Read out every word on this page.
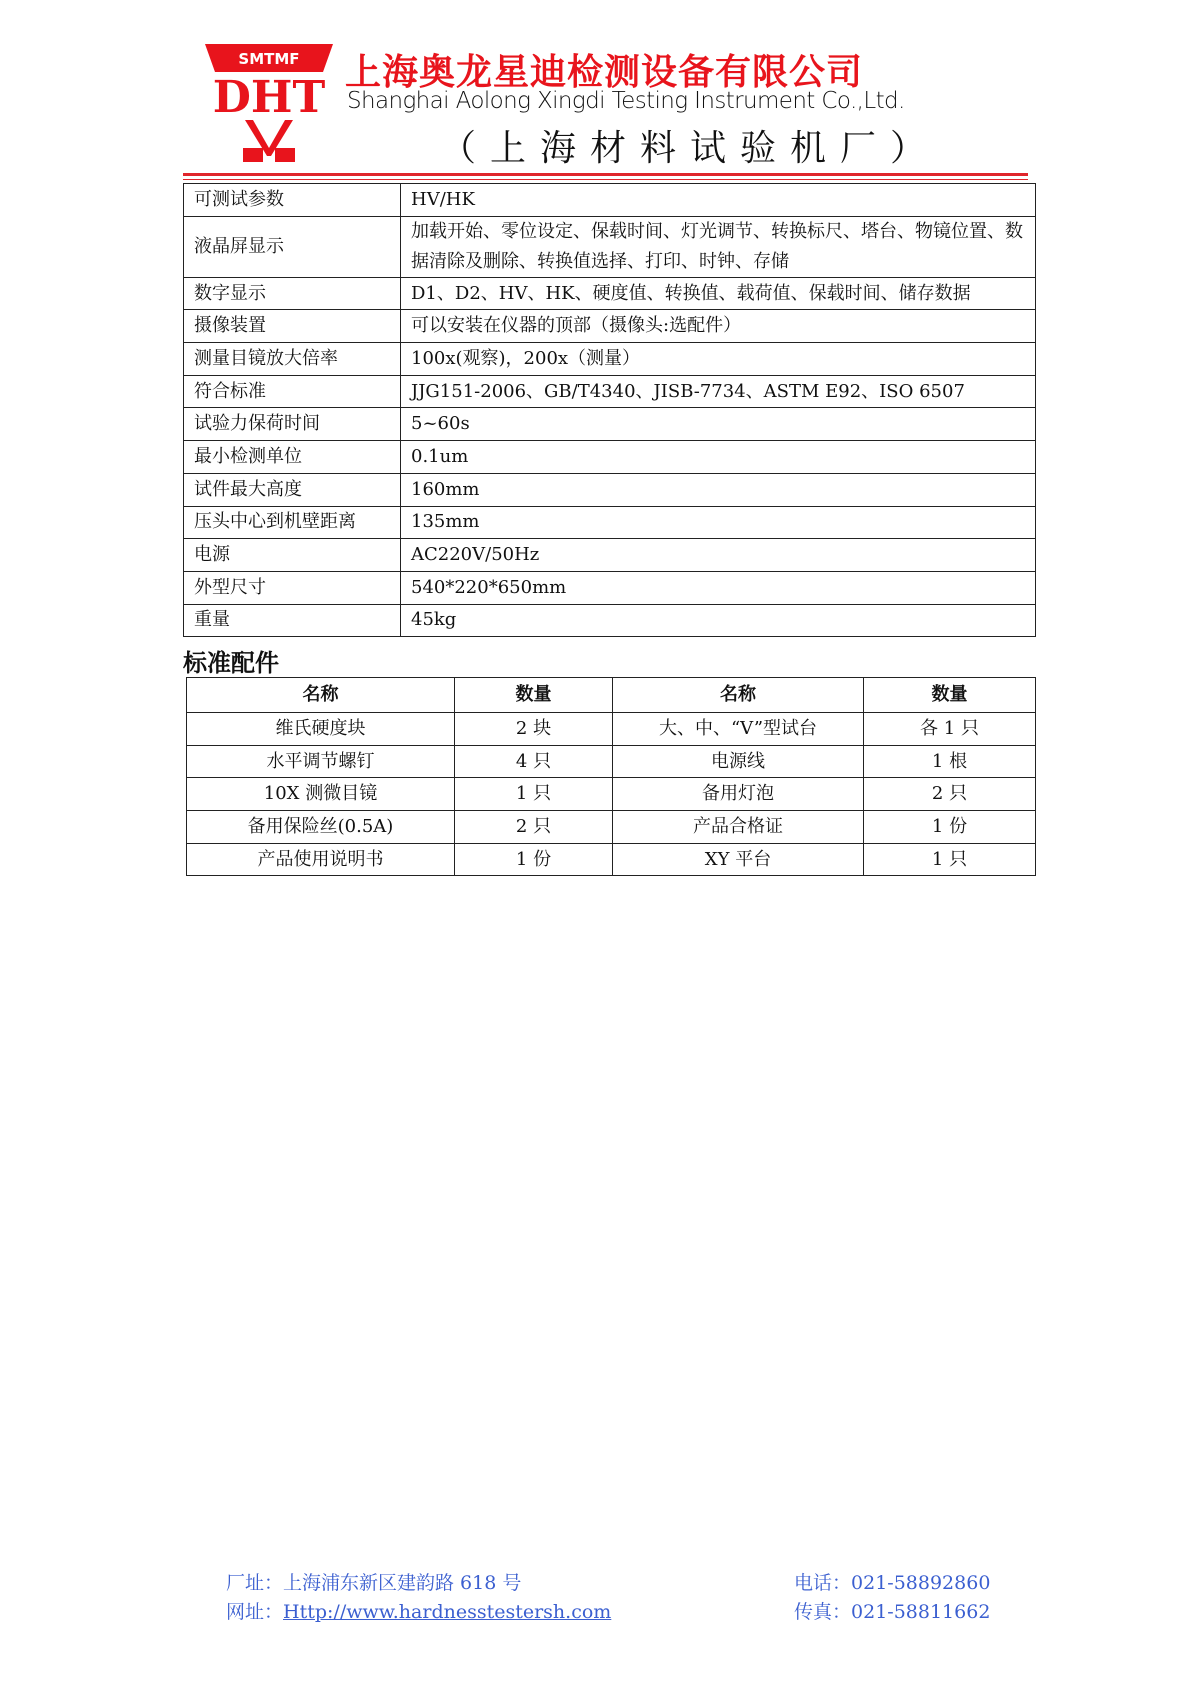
SMTMF
DHT 上海奥龙星迪检测设备有限公司
Shanghai Aolong Xingdi Testing Instrument Co.,Ltd.
（上海材料试验机厂）
可测试参数	HV/HK
液晶屏显示	加载开始、零位设定、保载时间、灯光调节、转换标尺、塔台、物镜位置、数据清除及删除、转换值选择、打印、时钟、存储
数字显示	D1、D2、HV、HK、硬度值、转换值、载荷值、保载时间、储存数据
摄像装置	可以安装在仪器的顶部（摄像头:选配件）
测量目镜放大倍率	100x(观察)，200x（测量）
符合标准	JJG151-2006、GB/T4340、JISB-7734、ASTM E92、ISO 6507
试验力保荷时间	5~60s
最小检测单位	0.1um
试件最大高度	160mm
压头中心到机壁距离	135mm
电源	AC220V/50Hz
外型尺寸	540*220*650mm
重量	45kg
标准配件
名称	数量	名称	数量
维氏硬度块	2 块	大、中、“V”型试台	各 1 只
水平调节螺钉	4 只	电源线	1 根
10X 测微目镜	1 只	备用灯泡	2 只
备用保险丝(0.5A)	2 只	产品合格证	1 份
产品使用说明书	1 份	XY 平台	1 只
厂址：上海浦东新区建韵路 618 号
网址：Http://www.hardnesstestersh.com
电话：021-58892860
传真：021-58811662
